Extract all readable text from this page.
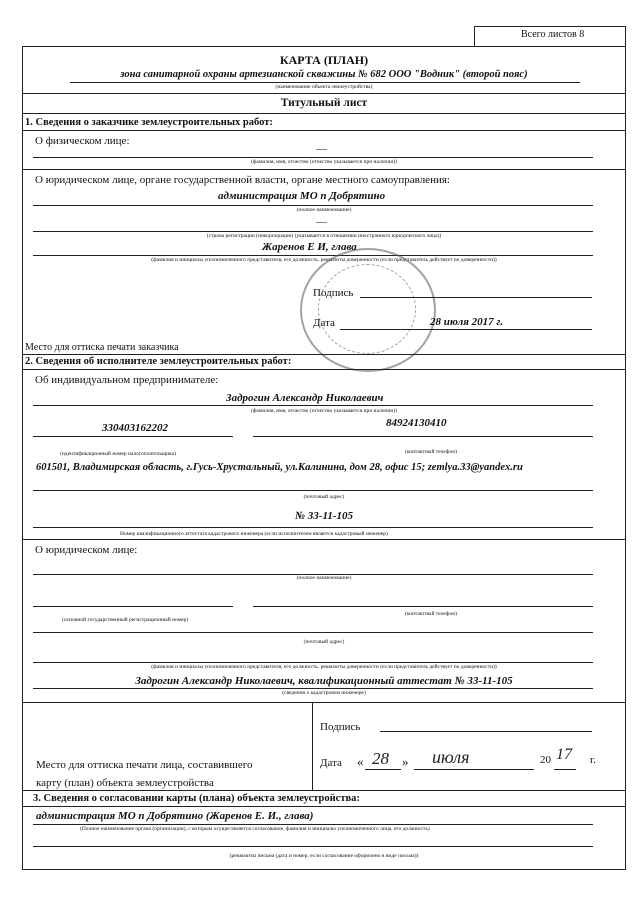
Всего листов 8
КАРТА (ПЛАН)
зона санитарной охраны артезианской скважины № 682 ООО "Водник" (второй пояс)
(наименование объекта землеустройства)
Титульный лист
1. Сведения о заказчике землеустроительных работ:
О физическом лице:
—
(фамилия, имя, отчество (отчество указывается при наличии))
О юридическом лице, органе государственной власти, органе местного самоуправления:
администрация МО п Добрятино
(полное наименование)
—
(страна регистрации (инкорпорации) (указывается в отношении иностранного юридического лица))
Жаренов Е И, глава
(фамилия и инициалы уполномоченного представителя, его должность, реквизиты доверенности (если представитель действует по доверенности))
Подпись
Дата	28 июля 2017 г.
Место для оттиска печати заказчика
2. Сведения об исполнителе землеустроительных работ:
Об индивидуальном предпринимателе:
Задрогин Александр Николаевич
(фамилия, имя, отчество (отчество указывается при наличии))
330403162202	84924130410
(идентификационный номер налогоплательщика)	(контактный телефон)
601501, Владимирская область, г.Гусь-Хрустальный, ул.Калинина, дом 28, офис 15; zemlya.33@yandex.ru
(почтовый адрес)
№ 33-11-105
Номер квалификационного аттестата кадастрового инженера (если исполнителем является кадастровый инженер)
О юридическом лице:
(полное наименование)
(основной государственный регистрационный номер)
(контактный телефон)
(почтовый адрес)
(фамилия и инициалы уполномоченного представителя, его должность, реквизиты доверенности (если представитель действует по доверенности))
Задрогин Александр Николаевич, квалификационный аттестат № 33-11-105
(сведения о кадастровом инженере)
Подпись
Место для оттиска печати лица, составившего
карту (план) объекта землеустройства
Дата « 28 » июля	20 17 г.
3. Сведения о согласовании карты (плана) объекта землеустройства:
администрация МО п Добрятино (Жаренов Е. И., глава)
(Полное наименование органа (организации), с которым осуществляется согласование, фамилия и инициалы уполномоченного лица, его должность)
(реквизиты письма (дата и номер, если согласование оформлено в виде письма))
